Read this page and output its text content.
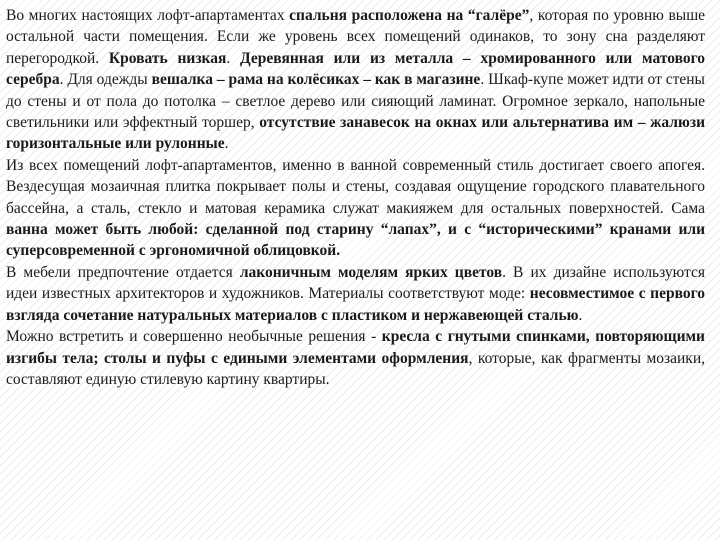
Во многих настоящих лофт-апартаментах спальня расположена на “галёре”, которая по уровню выше остальной части помещения. Если же уровень всех помещений одинаков, то зону сна разделяют перегородкой. Кровать низкая. Деревянная или из металла – хромированного или матового серебра. Для одежды вешалка – рама на колёсиках – как в магазине. Шкаф-купе может идти от стены до стены и от пола до потолка – светлое дерево или сияющий ламинат. Огромное зеркало, напольные светильники или эффектный торшер, отсутствие занавесок на окнах или альтернатива им – жалюзи горизонтальные или рулонные.

Из всех помещений лофт-апартаментов, именно в ванной современный стиль достигает своего апогея. Вездесущая мозаичная плитка покрывает полы и стены, создавая ощущение городского плавательного бассейна, а сталь, стекло и матовая керамика служат макияжем для остальных поверхностей. Сама ванна может быть любой: сделанной под старину “лапах”, и с “историческими” кранами или суперсовременной с эргономичной облицовкой.

В мебели предпочтение отдается лаконичным моделям ярких цветов. В их дизайне используются идеи известных архитекторов и художников. Материалы соответствуют моде: несовместимое с первого взгляда сочетание натуральных материалов с пластиком и нержавеющей сталью.

Можно встретить и совершенно необычные решения - кресла с гнутыми спинками, повторяющими изгибы тела; столы и пуфы с едиными элементами оформления, которые, как фрагменты мозаики, составляют единую стилевую картину квартиры.
